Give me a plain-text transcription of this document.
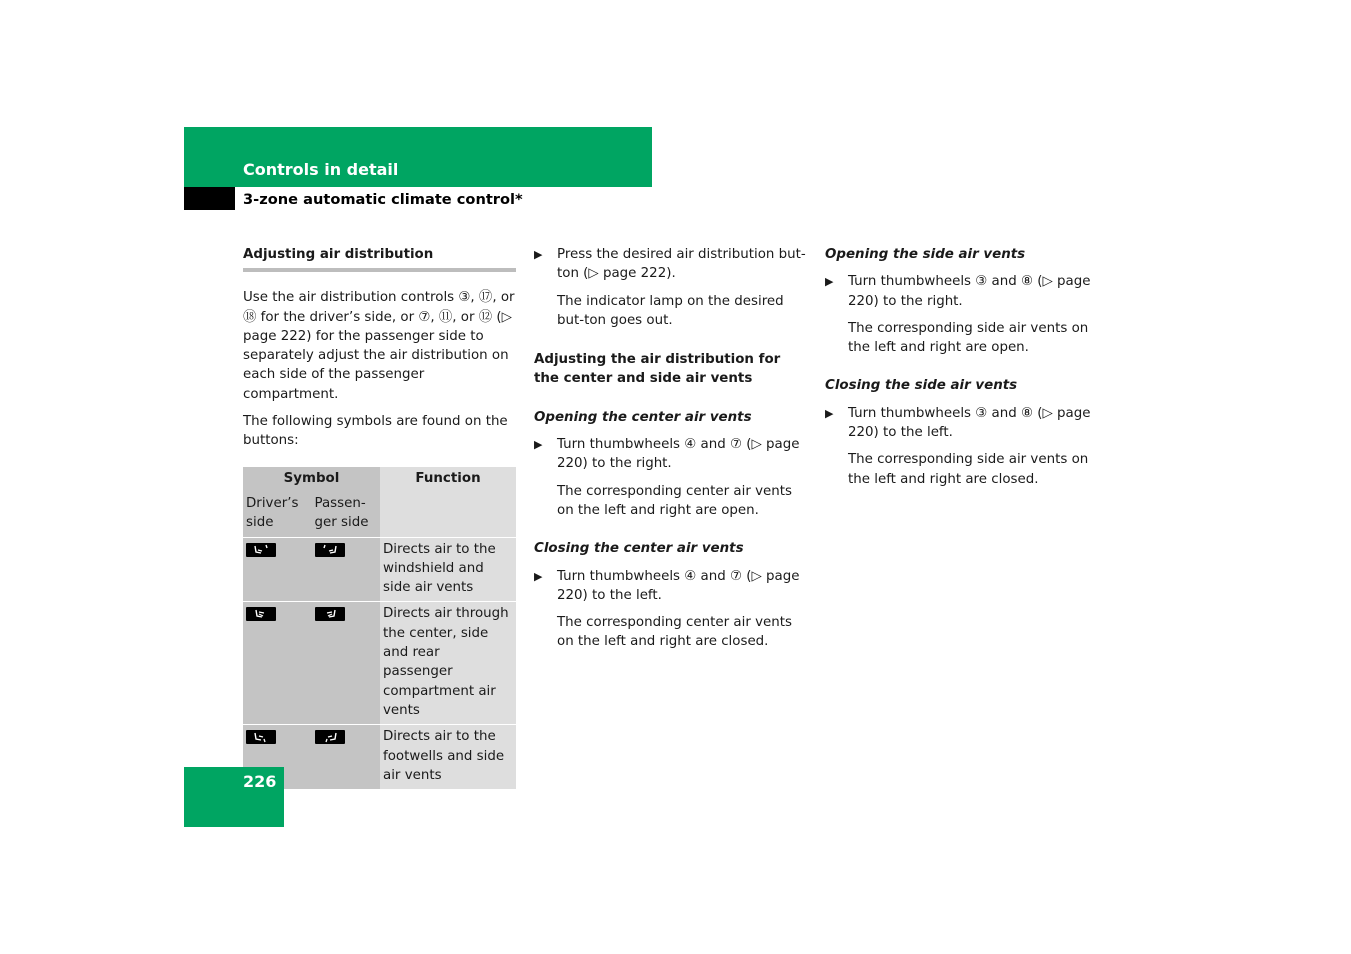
Controls in detail
3-zone automatic climate control*

Adjusting air distribution

Use the air distribution controls ③, ⑰, or ⑱ for the driver’s side, or ⑦, ⑪, or ⑫ (▷ page 222) for the passenger side to separately adjust the air distribution on each side of the passenger compartment.

The following symbols are found on the buttons:

Symbol		Function
Driver’s side	Passen-ger side	

	Directs air to the windshield and side air vents

	Directs air through the center, side and rear passenger compartment air vents

	Directs air to the footwells and side air vents
▶ Press the desired air distribution but-ton (▷ page 222).

The indicator lamp on the desired but-ton goes out.

Adjusting the air distribution for the center and side air vents

Opening the center air vents

▶ Turn thumbwheels ④ and ⑦ (▷ page 220) to the right.

The corresponding center air vents on the left and right are open.

Closing the center air vents

▶ Turn thumbwheels ④ and ⑦ (▷ page 220) to the left.

The corresponding center air vents on the left and right are closed.

Opening the side air vents

▶ Turn thumbwheels ③ and ⑧ (▷ page 220) to the right.

The corresponding side air vents on the left and right are open.

Closing the side air vents

▶ Turn thumbwheels ③ and ⑧ (▷ page 220) to the left.

The corresponding side air vents on the left and right are closed.

226
